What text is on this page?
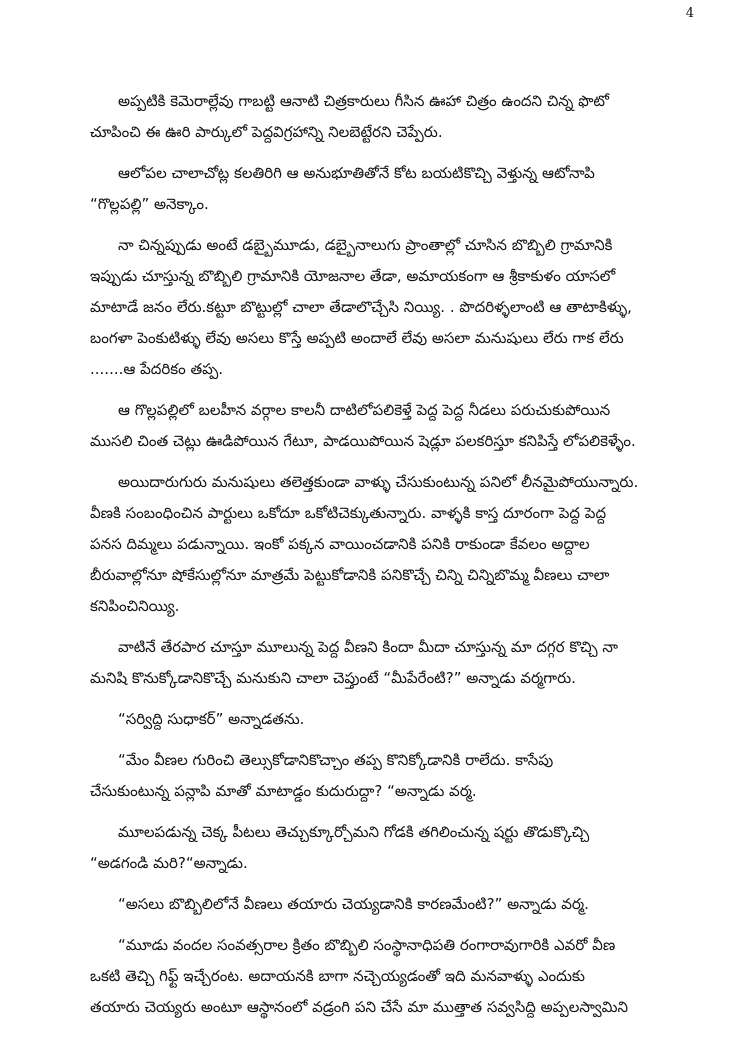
4

అప్పటికి కెమెరాల్లేవు గాబట్టి ఆనాటి చిత్రకారులు గీసిన ఊహా చిత్రం ఉందని చిన్న ఫొటో
చూపించి ఈ ఊరి పార్కులో పెద్దవిగ్రహాన్ని నిలబెట్టేరని చెప్పేరు.

ఆలోపల చాలాచోట్ల కలతిరిగి ఆ అనుభూతితోనే కోట బయటికొచ్చి వెళ్తున్న ఆటోనాపి
“గొల్లపల్లి” అనెక్కాం.

నా చిన్నప్పుడు అంటే డబ్బైమూడు, డబ్బైనాలుగు ప్రాంతాల్లో చూసిన బొబ్బిలి గ్రామానికి
ఇప్పుడు చూస్తున్న బొబ్బిలి గ్రామానికి యోజనాల తేడా, అమాయకంగా ఆ శ్రీకాకుళం యాసలో
మాటాడే జనం లేరు.కట్టూ బొట్టుల్లో చాలా తేడాలొచ్చేసి నియ్యి. . పొదరిళ్ళలాంటి ఆ తాటాకిళ్ళు,
బంగళా పెంకుటిళ్ళు లేవు అసలు కొస్తే అప్పటి అందాలే లేవు అసలా మనుషులు లేరు గాక లేరు
.......ఆ పేదరికం తప్ప.

ఆ గొల్లపల్లిలో బలహీన వర్గాల కాలనీ దాటిలోపలికెళ్తే పెద్ద పెద్ద నీడలు పరుచుకుపోయిన
ముసలి చింత చెట్లు ఊడిపోయిన గేటూ, పాడయిపోయిన షెడ్లూ పలకరిస్తూ కనిపిస్తే లోపలికెళ్ళేం.

అయిదారుగురు మనుషులు తలెత్తకుండా వాళ్ళు చేసుకుంటున్న పనిలో లీనమైపోయున్నారు.
వీణకి సంబంధించిన పార్టులు ఒకోదూ ఒకోటిచెక్కుతున్నారు. వాళ్ళకి కాస్త దూరంగా పెద్ద పెద్ద
పనస దిమ్మలు పడున్నాయి. ఇంకో పక్కన వాయించడానికి పనికి రాకుండా కేవలం అద్దాల
బీరువాల్లోనూ షోకేసుల్లోనూ మాత్రమే పెట్టుకోడానికి పనికొచ్చే చిన్ని చిన్నిబొమ్మ వీణలు చాలా
కనిపించినియ్యి.

వాటినే తేరపార చూస్తూ మూలున్న పెద్ద వీణని కిందా మీదా చూస్తున్న మా దగ్గర కొచ్చి నా
మనిషి కొనుక్కోడానికొచ్చే మనుకుని చాలా చెప్తుంటే “మీపేరేంటి?” అన్నాడు వర్మగారు.

“సర్విద్ది సుధాకర్” అన్నాడతను.

“మేం వీణల గురించి తెల్సుకోడానికొచ్చాం తప్ప కొనిక్కోడానికి రాలేదు. కాసేపు
చేసుకుంటున్న పన్లాపి మాతో మాటాడ్డం కుదురుద్దా? “అన్నాడు వర్మ.

మూలపడున్న చెక్క పీటలు తెచ్చుక్కూర్చోమని గోడకి తగిలించున్న షర్టు తొడుక్కొచ్చి
“అడగండి మరి?“అన్నాడు.

“అసలు బొబ్బిలిలోనే వీణలు తయారు చెయ్యడానికి కారణమేంటి?” అన్నాడు వర్మ.

“మూడు వందల సంవత్సరాల క్రితం బొబ్బిలి సంస్థానాధిపతి రంగారావుగారికి ఎవరో వీణ
ఒకటి తెచ్చి గిఫ్ట్ ఇచ్చేరంట. అదాయనకి బాగా నచ్చెయ్యడంతో ఇది మనవాళ్ళు ఎందుకు
తయారు చెయ్యరు అంటూ ఆస్థానంలో వడ్రంగి పని చేసే మా ముత్తాత సవ్వసిద్ది అప్పలస్వామిని
